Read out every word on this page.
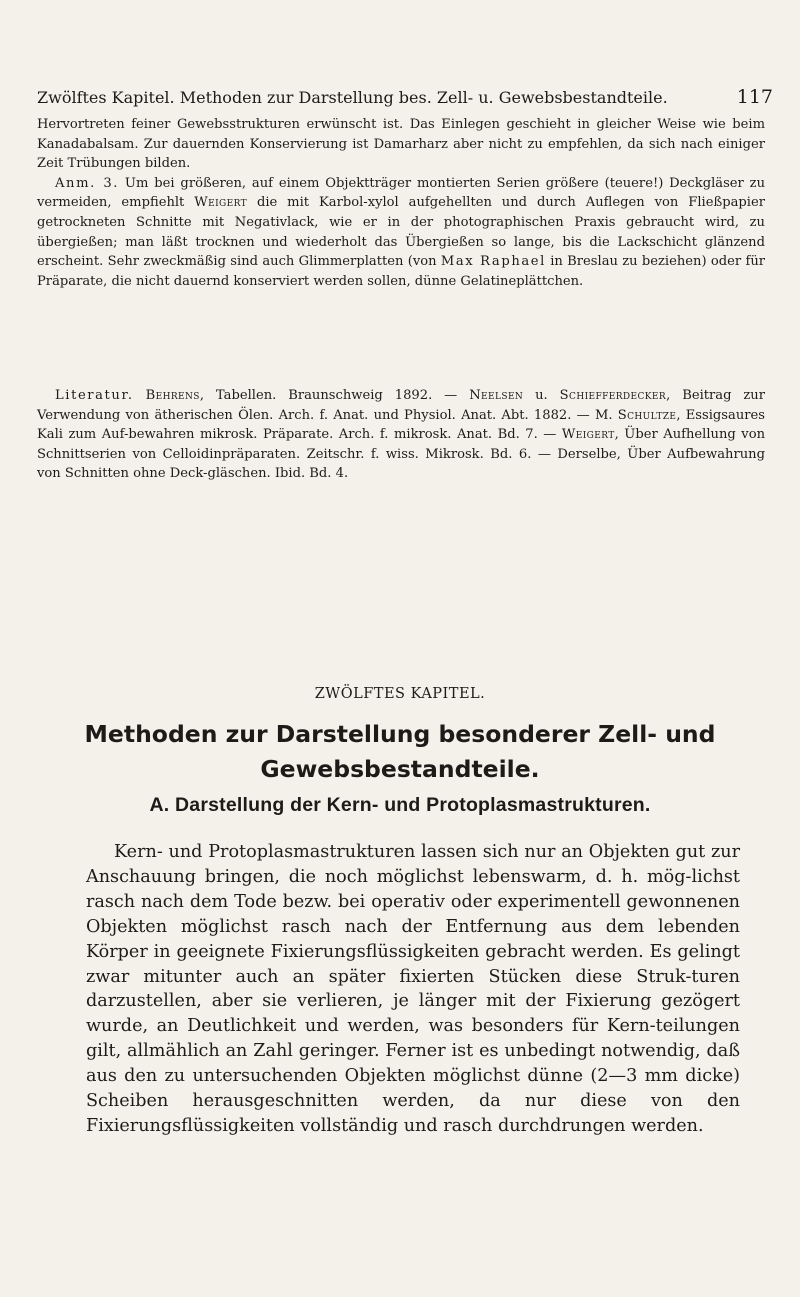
Zwölftes Kapitel. Methoden zur Darstellung bes. Zell- u. Gewebsbestandteile.	117

Hervortreten feiner Gewebsstrukturen erwünscht ist. Das Einlegen geschieht in gleicher Weise wie beim Kanadabalsam. Zur dauernden Konservierung ist Damarharz aber nicht zu empfehlen, da sich nach einiger Zeit Trübungen bilden.

Anm. 3. Um bei größeren, auf einem Objektträger montierten Serien größere (teuere!) Deckgläser zu vermeiden, empfiehlt Weigert die mit Karbol-xylol aufgehellten und durch Auflegen von Fließpapier getrockneten Schnitte mit Negativlack, wie er in der photographischen Praxis gebraucht wird, zu übergießen; man läßt trocknen und wiederholt das Übergießen so lange, bis die Lackschicht glänzend erscheint. Sehr zweckmäßig sind auch Glimmerplatten (von Max Raphael in Breslau zu beziehen) oder für Präparate, die nicht dauernd konserviert werden sollen, dünne Gelatineplättchen.

Literatur. Behrens, Tabellen. Braunschweig 1892. — Neelsen u. Schiefferdecker, Beitrag zur Verwendung von ätherischen Ölen. Arch. f. Anat. und Physiol. Anat. Abt. 1882. — M. Schultze, Essigsaures Kali zum Auf-bewahren mikrosk. Präparate. Arch. f. mikrosk. Anat. Bd. 7. — Weigert, Über Aufhellung von Schnittserien von Celloidinpräparaten. Zeitschr. f. wiss. Mikrosk. Bd. 6. — Derselbe, Über Aufbewahrung von Schnitten ohne Deck-gläschen. Ibid. Bd. 4.

ZWÖLFTES KAPITEL.
Methoden zur Darstellung besonderer Zell- und
Gewebsbestandteile.
A. Darstellung der Kern- und Protoplasmastrukturen.

Kern- und Protoplasmastrukturen lassen sich nur an Objekten gut zur Anschauung bringen, die noch möglichst lebenswarm, d. h. mög-lichst rasch nach dem Tode bezw. bei operativ oder experimentell gewonnenen Objekten möglichst rasch nach der Entfernung aus dem lebenden Körper in geeignete Fixierungsflüssigkeiten gebracht werden. Es gelingt zwar mitunter auch an später fixierten Stücken diese Struk-turen darzustellen, aber sie verlieren, je länger mit der Fixierung gezögert wurde, an Deutlichkeit und werden, was besonders für Kern-teilungen gilt, allmählich an Zahl geringer. Ferner ist es unbedingt notwendig, daß aus den zu untersuchenden Objekten möglichst dünne (2—3 mm dicke) Scheiben herausgeschnitten werden, da nur diese von den Fixierungsflüssigkeiten vollständig und rasch durchdrungen werden.
